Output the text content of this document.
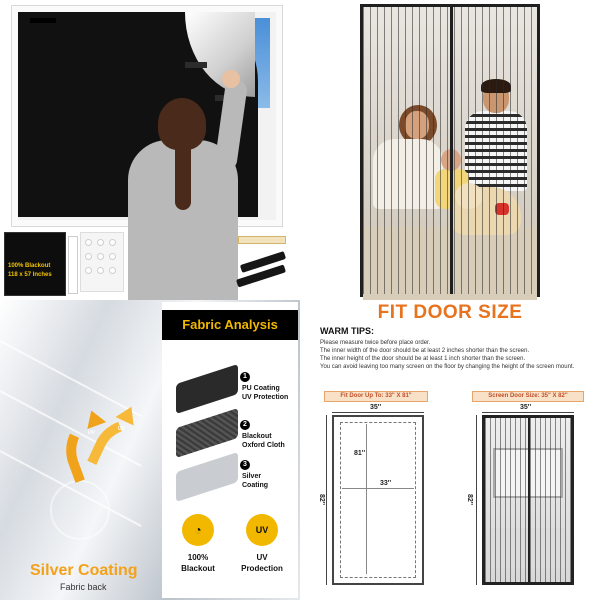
100% Blackout
118 x 57 Inches
UV
UV
Silver Coating
Fabric back
Fabric Analysis
1
PU Coating
UV Protection
2
Blackout
Oxford Cloth
3
Silver
Coating
◔
100%
Blackout
UV
UV
Prodection
FIT DOOR SIZE
WARM TIPS:
Please measure twice before place order.
The inner width of the door should be at least 2 inches shorter than the screen.
The inner height of the door should be at least 1 inch shorter than the screen.
You can avoid leaving too many screen on the floor by changing the height of the screen mount.
Fit Door Up To: 33" X 81"	Screen Door Size: 35" X 82"
35''
81''
33''
82''
35''
82''
